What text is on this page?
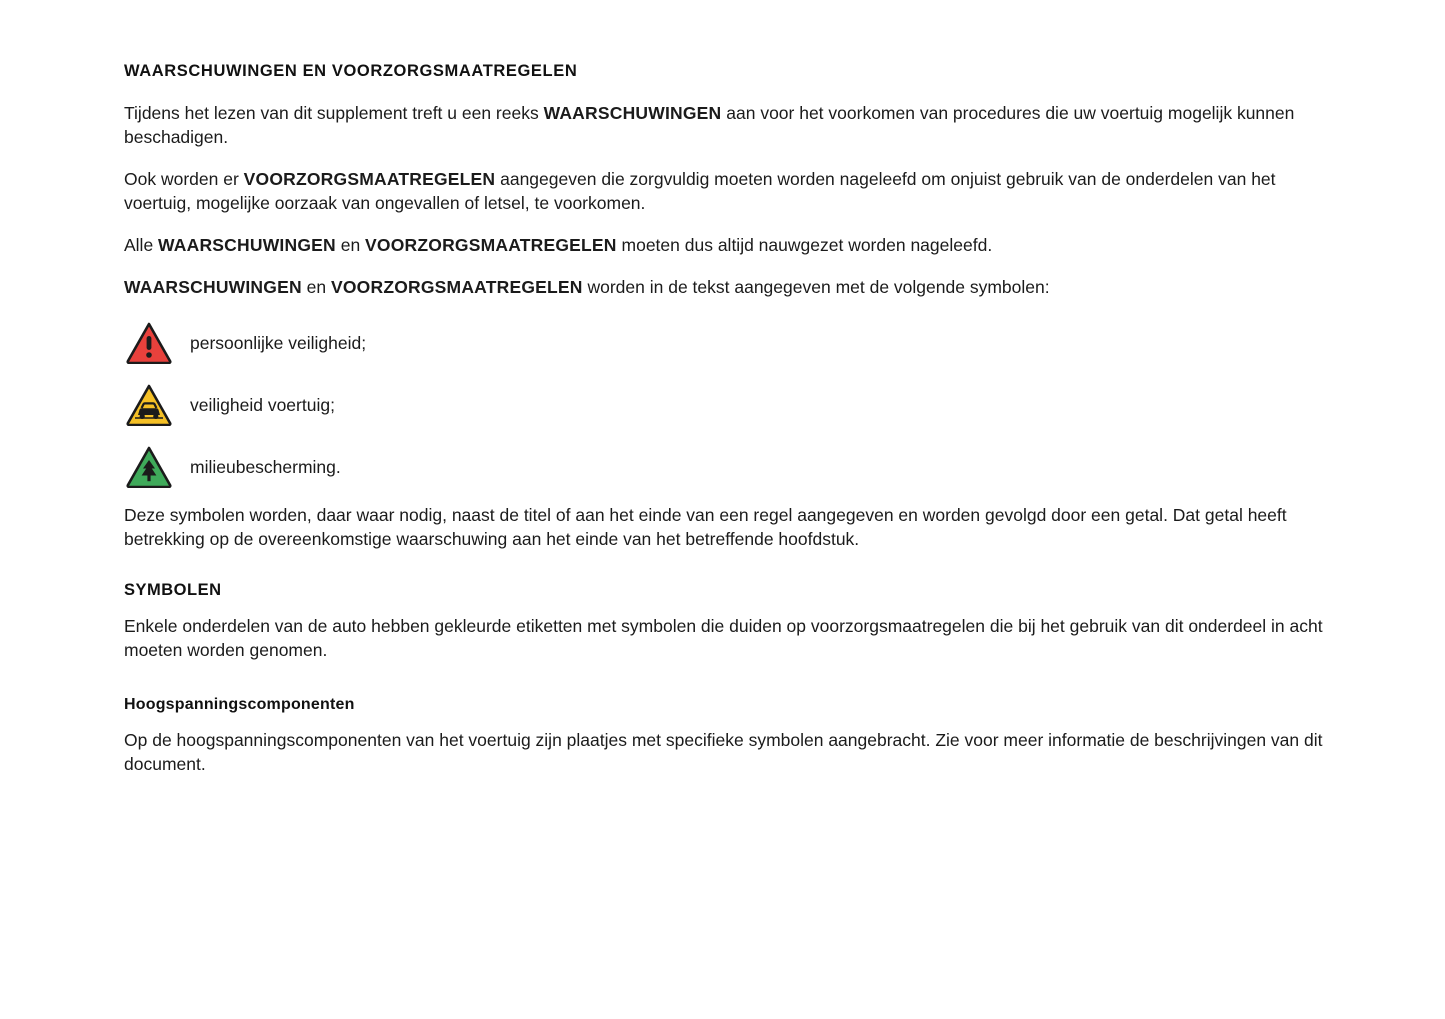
WAARSCHUWINGEN EN VOORZORGSMAATREGELEN

Tijdens het lezen van dit supplement treft u een reeks WAARSCHUWINGEN aan voor het voorkomen van procedures die uw voertuig mogelijk kunnen beschadigen.

Ook worden er VOORZORGSMAATREGELEN aangegeven die zorgvuldig moeten worden nageleefd om onjuist gebruik van de onderdelen van het voertuig, mogelijke oorzaak van ongevallen of letsel, te voorkomen.

Alle WAARSCHUWINGEN en VOORZORGSMAATREGELEN moeten dus altijd nauwgezet worden nageleefd.

WAARSCHUWINGEN en VOORZORGSMAATREGELEN worden in de tekst aangegeven met de volgende symbolen:

persoonlijke veiligheid;
veiligheid voertuig;
milieubescherming.

Deze symbolen worden, daar waar nodig, naast de titel of aan het einde van een regel aangegeven en worden gevolgd door een getal. Dat getal heeft betrekking op de overeenkomstige waarschuwing aan het einde van het betreffende hoofdstuk.

SYMBOLEN

Enkele onderdelen van de auto hebben gekleurde etiketten met symbolen die duiden op voorzorgsmaatregelen die bij het gebruik van dit onderdeel in acht moeten worden genomen.

Hoogspanningscomponenten

Op de hoogspanningscomponenten van het voertuig zijn plaatjes met specifieke symbolen aangebracht. Zie voor meer informatie de beschrijvingen van dit document.
